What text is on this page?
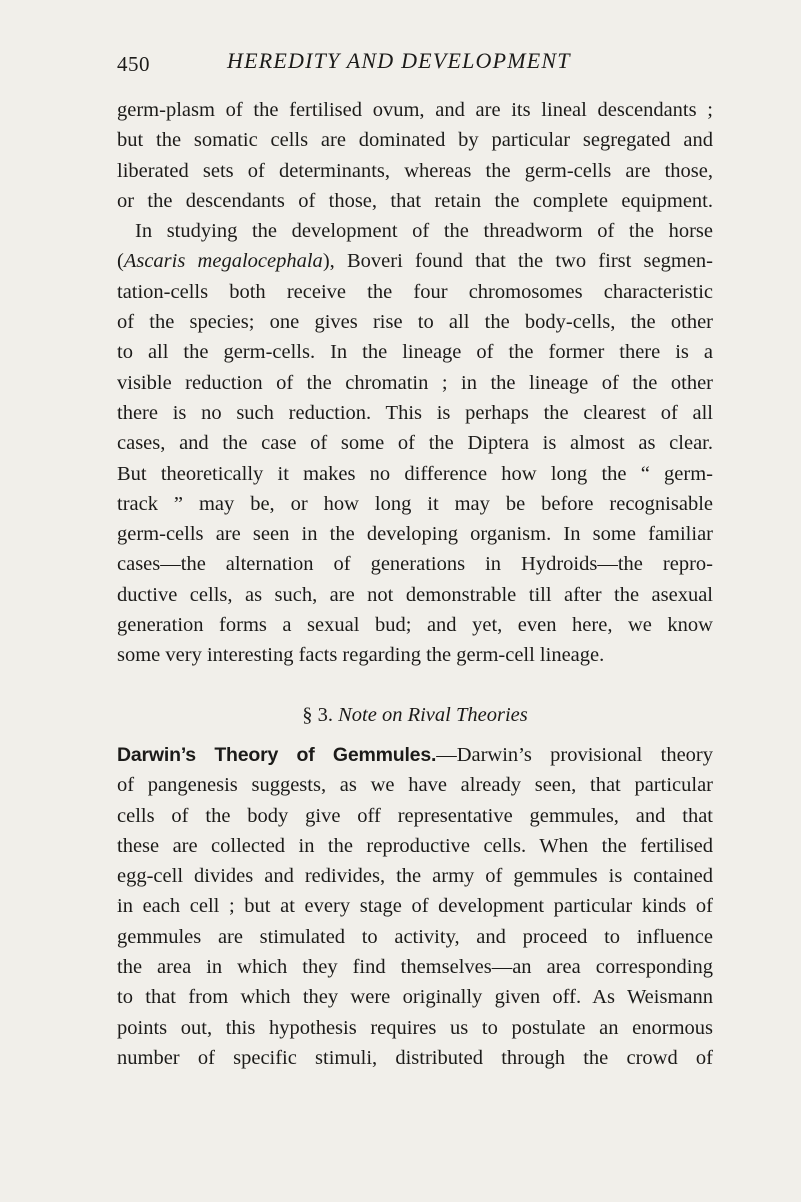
450	HEREDITY AND DEVELOPMENT
germ-plasm of the fertilised ovum, and are its lineal descendants ;
but the somatic cells are dominated by particular segregated and
liberated sets of determinants, whereas the germ-cells are those,
or the descendants of those, that retain the complete equipment.
In studying the development of the threadworm of the horse
(Ascaris megalocephala), Boveri found that the two first segmen-
tation-cells both receive the four chromosomes characteristic
of the species; one gives rise to all the body-cells, the other
to all the germ-cells. In the lineage of the former there is a
visible reduction of the chromatin ; in the lineage of the other
there is no such reduction. This is perhaps the clearest of all
cases, and the case of some of the Diptera is almost as clear.
But theoretically it makes no difference how long the “ germ-
track ” may be, or how long it may be before recognisable
germ-cells are seen in the developing organism. In some familiar
cases—the alternation of generations in Hydroids—the repro-
ductive cells, as such, are not demonstrable till after the asexual
generation forms a sexual bud; and yet, even here, we know
some very interesting facts regarding the germ-cell lineage.
§ 3. Note on Rival Theories
Darwin’s Theory of Gemmules.—Darwin’s provisional theory
of pangenesis suggests, as we have already seen, that particular
cells of the body give off representative gemmules, and that
these are collected in the reproductive cells. When the fertilised
egg-cell divides and redivides, the army of gemmules is contained
in each cell ; but at every stage of development particular kinds of
gemmules are stimulated to activity, and proceed to influence
the area in which they find themselves—an area corresponding
to that from which they were originally given off. As Weismann
points out, this hypothesis requires us to postulate an enormous
number of specific stimuli, distributed through the crowd of
